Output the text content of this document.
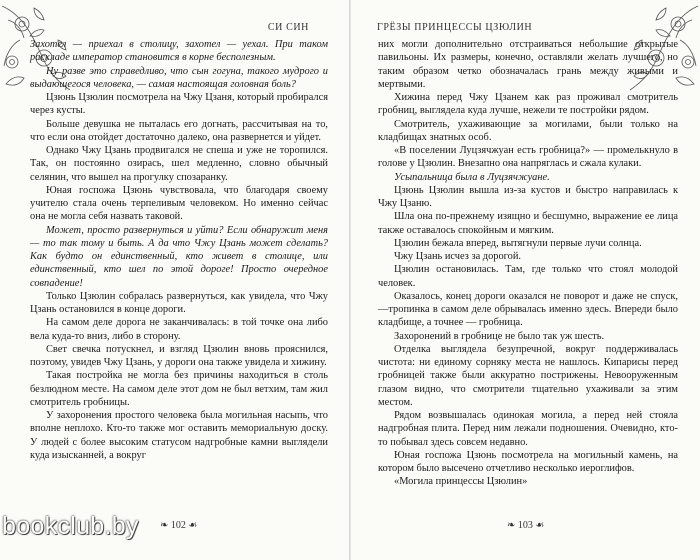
СИ СИН

Захотел — приехал в столицу, захотел — уехал. При таком раскладе император становится в корне бесполезным.

Ну разве это справедливо, что сын гогуна, такого мудрого и выдающегося человека, — самая настоящая головная боль?

Цзюнь Цзюлин посмотрела на Чжу Цзаня, который пробирался через кусты.

Больше девушка не пыталась его догнать, рассчитывая на то, что если она отойдет достаточно далеко, она развернется и уйдет.

Однако Чжу Цзань продвигался не спеша и уже не торопился. Так, он постоянно озирась, шел медленно, словно обычный селянин, что вышел на прогулку спозаранку.

Юная госпожа Цзюнь чувствовала, что благодаря своему учителю стала очень терпеливым человеком. Но именно сейчас она не могла себя назвать таковой.

Может, просто развернуться и уйти? Если обнаружит меня — то так тому и быть. А да что Чжу Цзань может сделать? Как будто он единственный, кто живет в столице, или единственный, кто шел по этой дороге! Просто очередное совпадение!

Только Цзюлин собралась развернуться, как увидела, что Чжу Цзань остановился в конце дороги.

На самом деле дорога не заканчивалась: в той точке она либо вела куда-то вниз, либо в сторону.

Свет свечка потускнел, и взгляд Цзюлин вновь прояснился, поэтому, увидев Чжу Цзань, у дороги она также увидела и хижину.

Такая постройка не могла без причины находиться в столь безлюдном месте. На самом деле этот дом не был ветхим, там жил смотритель гробницы.

У захоронения простого человека была могильная насыпь, что вполне неплохо. Кто-то также мог оставить мемориальную доску. У людей с более высоким статусом надгробные камни выглядели куда изысканней, а вокруг

❧ 102 ☙
ГРЁЗЫ ПРИНЦЕССЫ ЦЗЮЛИН

них могли дополнительно отстраиваться небольшие открытые павильоны. Их размеры, конечно, оставляли желать лучшего, но таким образом четко обозначалась грань между живыми и мертвыми.

Хижина перед Чжу Цзанем как раз проживал смотритель гробниц, выглядела куда лучше, нежели те постройки рядом.

Смотритель, ухаживающие за могилами, были только на кладбищах знатных особ.

«В поселении Луцзячжуан есть гробница?» — промелькнуло в голове у Цзюлин. Внезапно она напряглась и сжала кулаки.

Усыпальница была в Луцзячжуане.

Цзюнь Цзюлин вышла из-за кустов и быстро направилась к Чжу Цзаню.

Шла она по-прежнему изящно и бесшумно, выражение ее лица также оставалось спокойным и мягким.

Цзюлин бежала вперед, вытягнули первые лучи солнца.

Чжу Цзань исчез за дорогой.

Цзюлин остановилась. Там, где только что стоял молодой человек.

Оказалось, конец дороги оказался не поворот и даже не спуск, —тропинка в самом деле обрывалась именно здесь. Впереди было кладбище, а точнее — гробница.

Захоронений в гробнице не было так уж шесть.

Отделка выглядела безупречной, вокруг поддерживалась чистота: ни единому сорняку места не нашлось. Кипарисы перед гробницей также были аккуратно пострижены. Невооруженным глазом видно, что смотрители тщательно ухаживали за этим местом.

Рядом возвышалась одинокая могила, а перед ней стояла надгробная плита. Перед ним лежали подношения. Очевидно, кто-то побывал здесь совсем недавно.

Юная госпожа Цзюнь посмотрела на могильный камень, на котором было высечено отчетливо несколько иероглифов.

«Могила принцессы Цзюлин»

❧ 103 ☙
bookclub.by
